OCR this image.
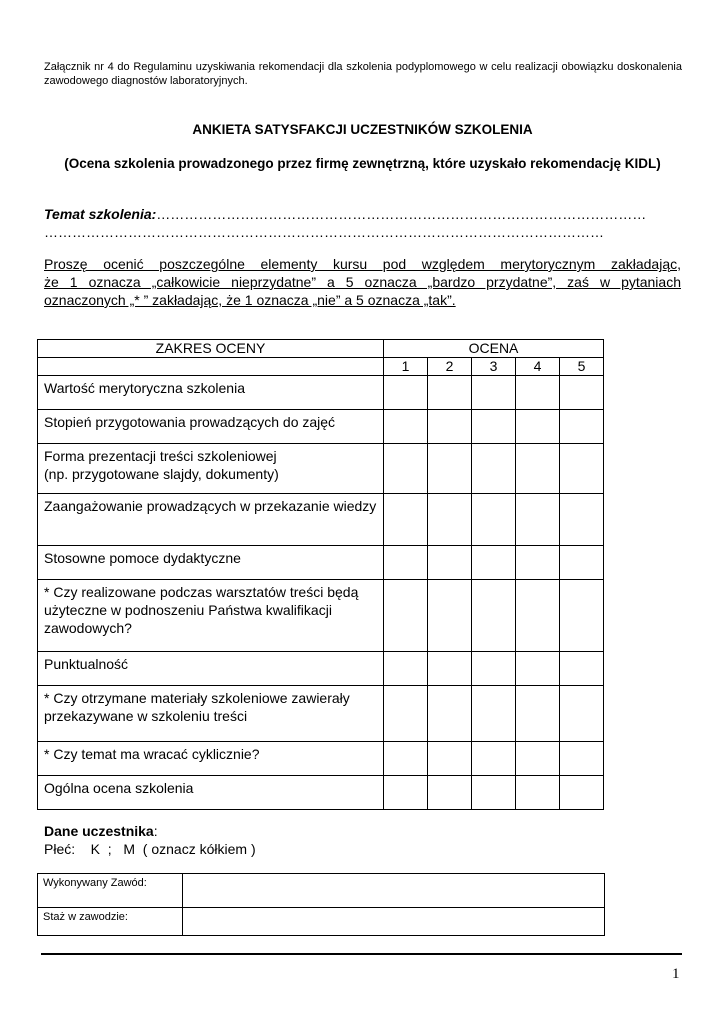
Załącznik nr 4 do Regulaminu uzyskiwania rekomendacji dla szkolenia podyplomowego w celu realizacji obowiązku doskonalenia zawodowego diagnostów laboratoryjnych.
ANKIETA SATYSFAKCJI UCZESTNIKÓW SZKOLENIA
(Ocena szkolenia prowadzonego przez firmę zewnętrzną, które uzyskało rekomendację KIDL)
Temat szkolenia:……………………………………………………………………………………………
…………………………………………………………………………………………………………
Proszę ocenić poszczególne elementy kursu pod względem merytorycznym zakładając,
że 1 oznacza „całkowicie nieprzydatne” a 5 oznacza „bardzo przydatne”, zaś w pytaniach
oznaczonych „* ” zakładając, że 1 oznacza „nie” a 5 oznacza „tak”.
ZAKRES OCENY	OCENA				
	1	2	3	4	5
Wartość merytoryczna szkolenia					
Stopień przygotowania prowadzących do zajęć					
Forma prezentacji treści szkoleniowej
(np. przygotowane slajdy, dokumenty)					
Zaangażowanie prowadzących w przekazanie wiedzy					
Stosowne pomoce dydaktyczne					
* Czy realizowane podczas warsztatów treści będą użyteczne w podnoszeniu Państwa kwalifikacji zawodowych?					
Punktualność					
* Czy otrzymane materiały szkoleniowe zawierały przekazywane w szkoleniu treści					
* Czy temat ma wracać cyklicznie?					
Ogólna ocena szkolenia					
Dane uczestnika:
Płeć:    K  ;   M  ( oznacz kółkiem )
Wykonywany Zawód:	
Staż w zawodzie:	
1
